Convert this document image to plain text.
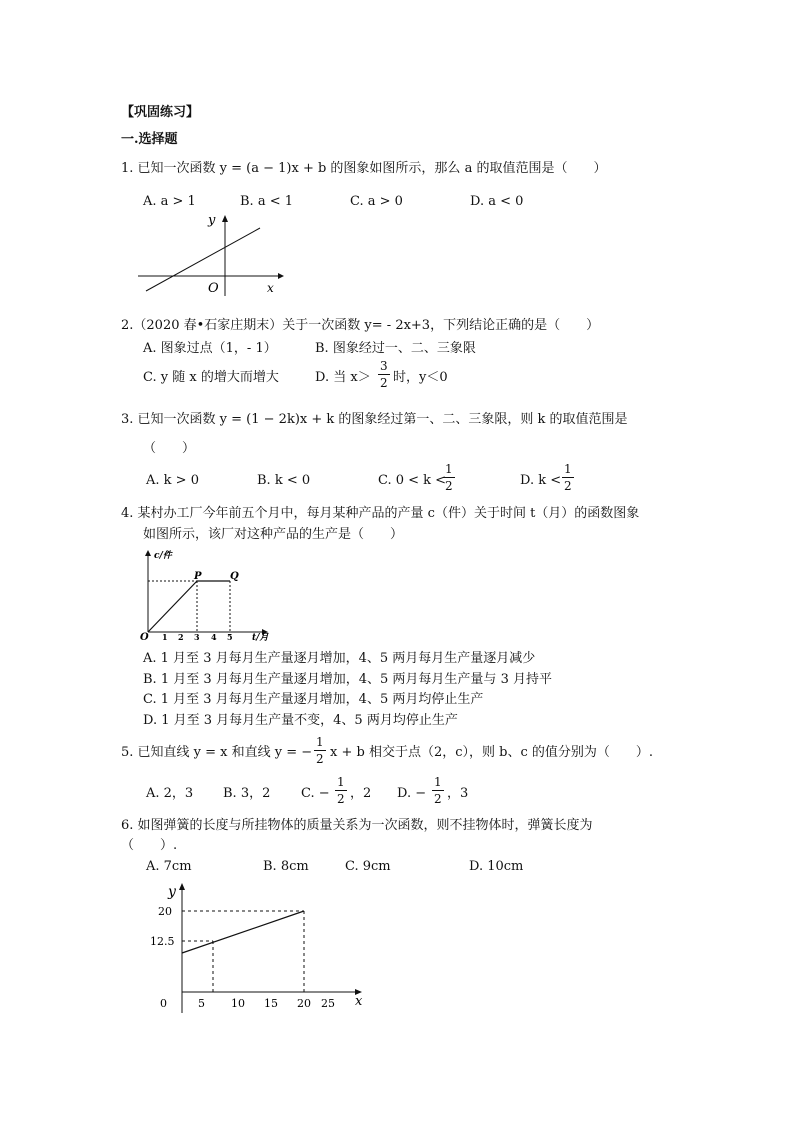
【巩固练习】
一.选择题
1. 已知一次函数 y = (a − 1)x + b 的图象如图所示，那么 a 的取值范围是（　　）
A. a > 1	B. a < 1	C. a > 0	D. a < 0
y
x
O
2.（2020 春•石家庄期末）关于一次函数 y= - 2x+3，下列结论正确的是（　　）
A. 图象过点（1，- 1）	B. 图象经过一、二、三象限
C. y 随 x 的增大而增大	D. 当 x＞
3
2 时，y＜0
3. 已知一次函数 y = (1 − 2k)x + k 的图象经过第一、二、三象限，则 k 的取值范围是
（　　）
A. k > 0	B. k < 0	C. 0 < k <
1
2	D. k <
1
2
4. 某村办工厂今年前五个月中，每月某种产品的产量 c（件）关于时间 t（月）的函数图象
如图所示，该厂对这种产品的生产是（　　）
c/件
t/月
O
P	Q
1 2 3 4 5
A. 1 月至 3 月每月生产量逐月增加，4、5 两月每月生产量逐月减少
B. 1 月至 3 月每月生产量逐月增加，4、5 两月每月生产量与 3 月持平
C. 1 月至 3 月每月生产量逐月增加，4、5 两月均停止生产
D. 1 月至 3 月每月生产量不变，4、5 两月均停止生产
5. 已知直线 y = x 和直线 y = −
1
2 x + b 相交于点（2，c），则 b、c 的值分别为（　　）.
A. 2，3 B. 3，2 C. −
1
2 ，2 D. −
1
2 ，3
6. 如图弹簧的长度与所挂物体的质量关系为一次函数，则不挂物体时，弹簧长度为
（　　）.
A. 7cm	B. 8cm	C. 9cm	D. 10cm
y
x
0
20
12.5
5 10 15 20 25
